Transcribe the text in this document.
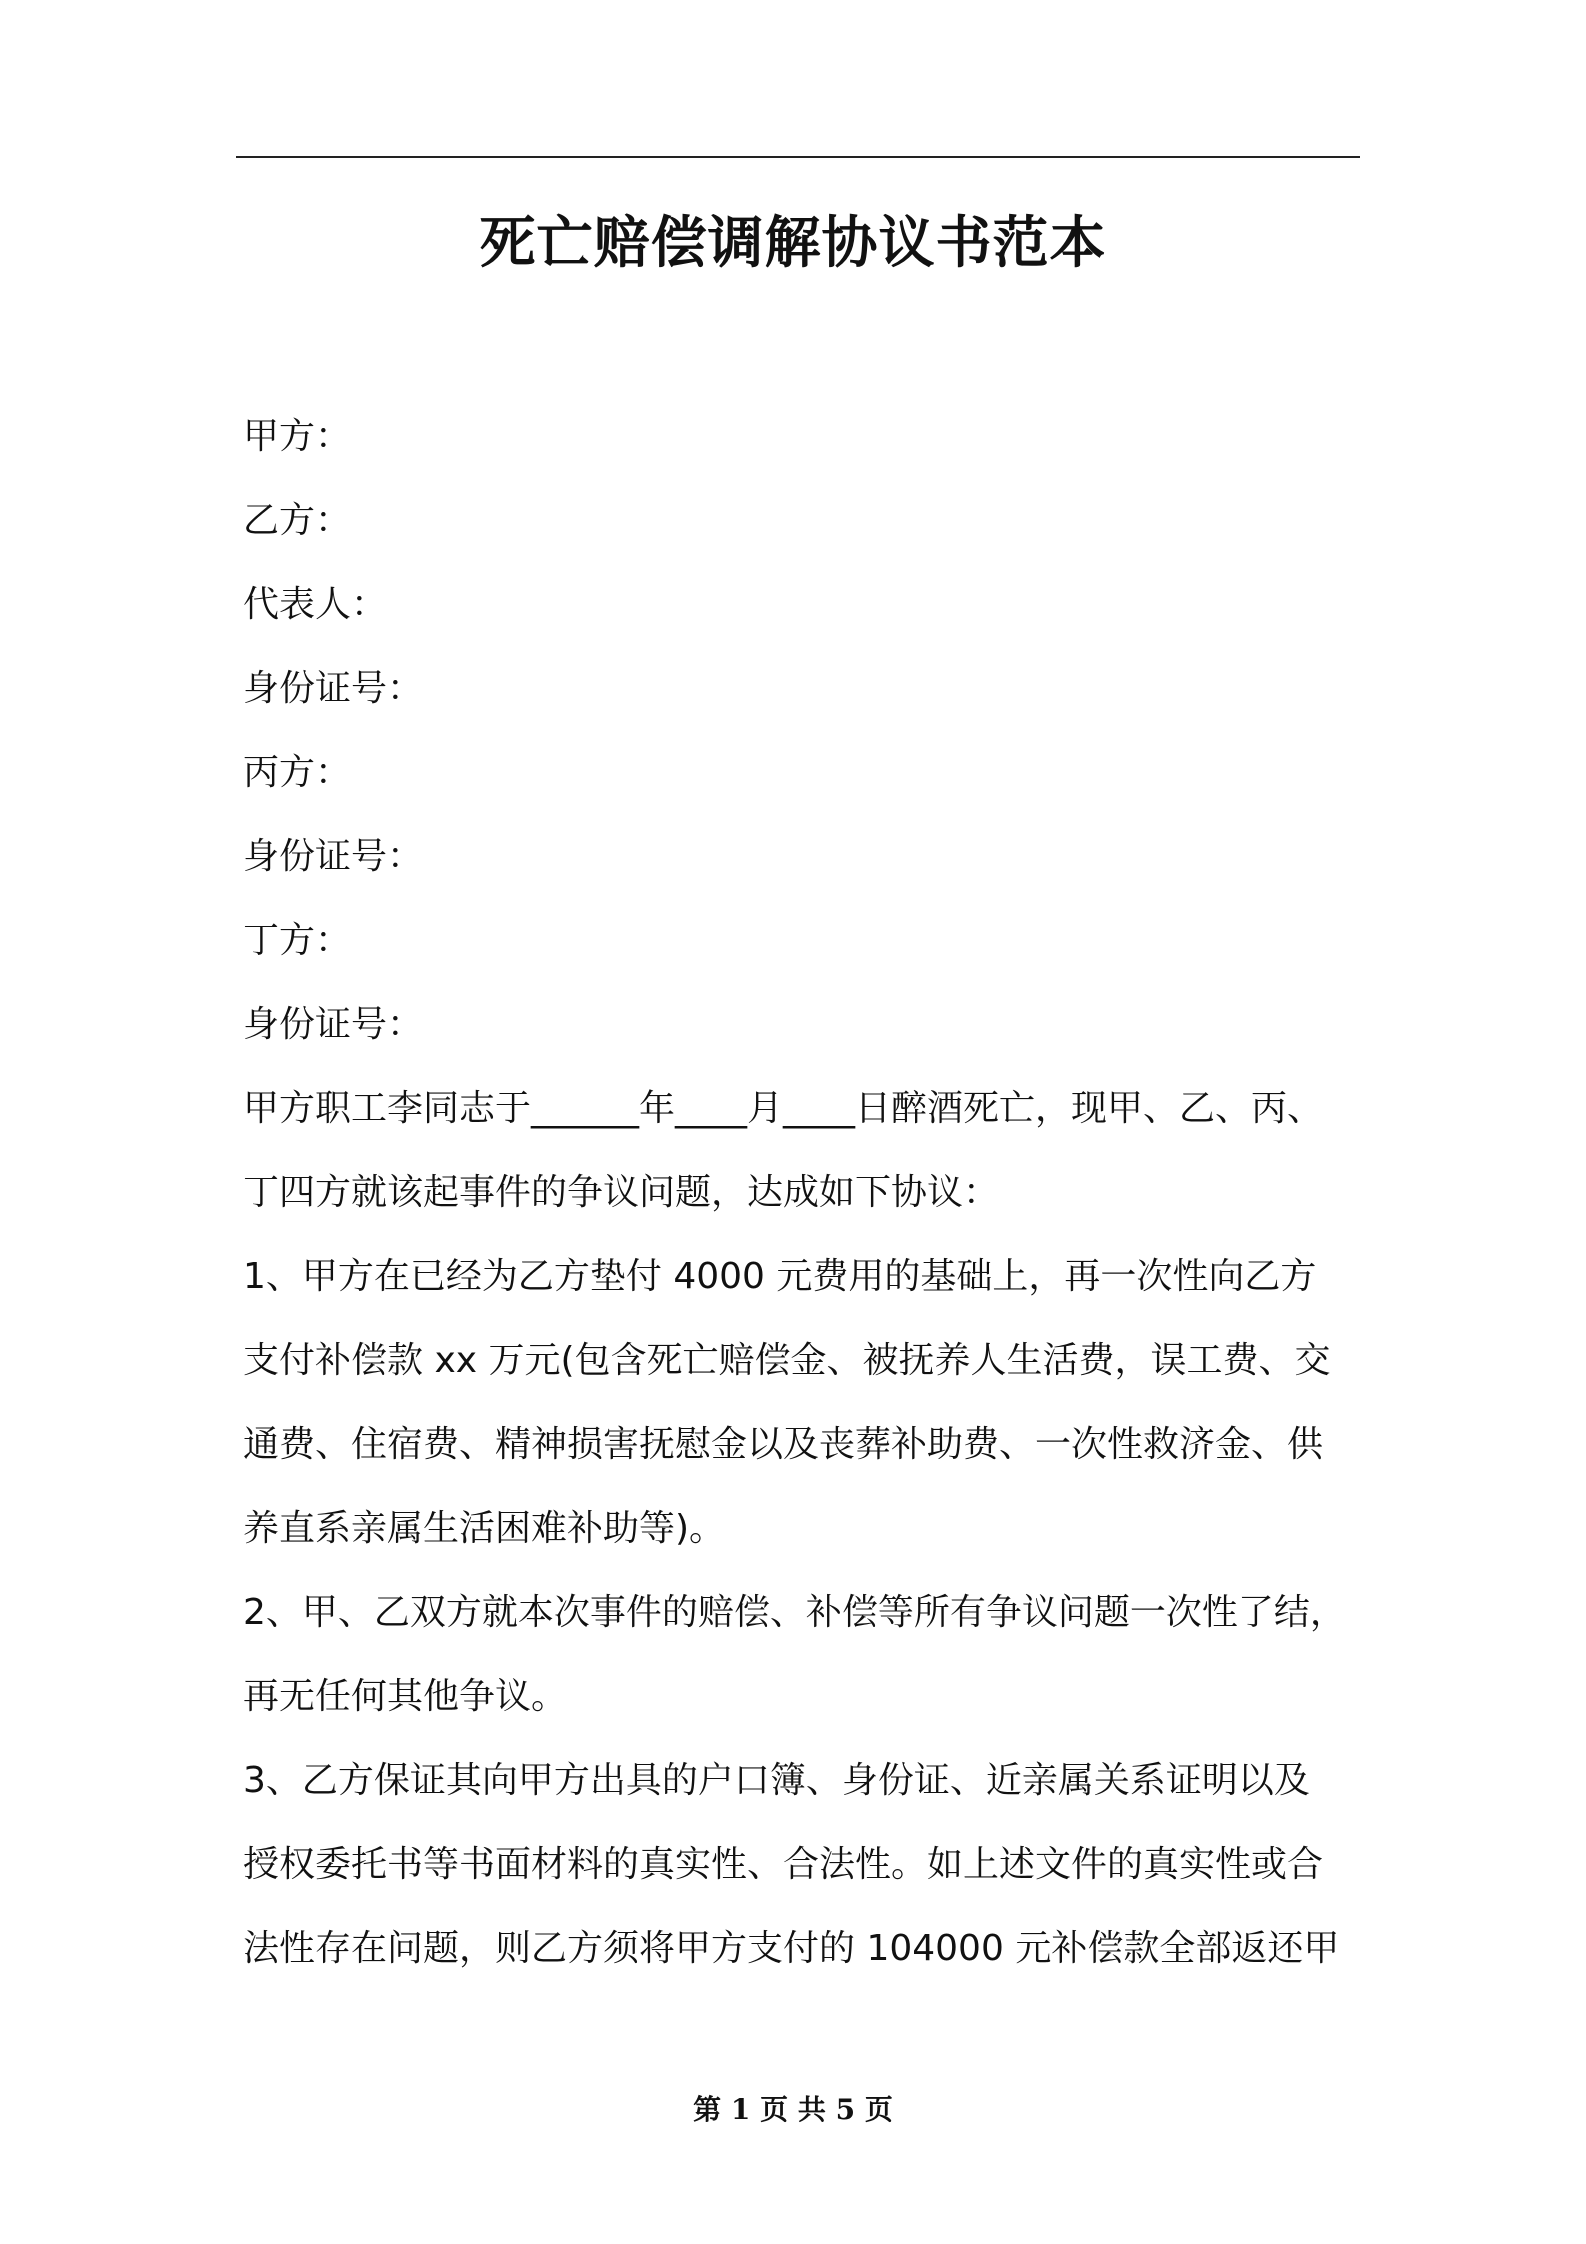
死亡赔偿调解协议书范本
甲方：
乙方：
代表人：
身份证号：
丙方：
身份证号：
丁方：
身份证号：
甲方职工李同志于______年____月____日醉酒死亡，现甲、乙、丙、
丁四方就该起事件的争议问题，达成如下协议：
1、甲方在已经为乙方垫付 4000 元费用的基础上，再一次性向乙方
支付补偿款 xx 万元(包含死亡赔偿金、被抚养人生活费，误工费、交
通费、住宿费、精神损害抚慰金以及丧葬补助费、一次性救济金、供
养直系亲属生活困难补助等)。
2、甲、乙双方就本次事件的赔偿、补偿等所有争议问题一次性了结，
再无任何其他争议。
3、乙方保证其向甲方出具的户口簿、身份证、近亲属关系证明以及
授权委托书等书面材料的真实性、合法性。如上述文件的真实性或合
法性存在问题，则乙方须将甲方支付的 104000 元补偿款全部返还甲
第 1 页 共 5 页
